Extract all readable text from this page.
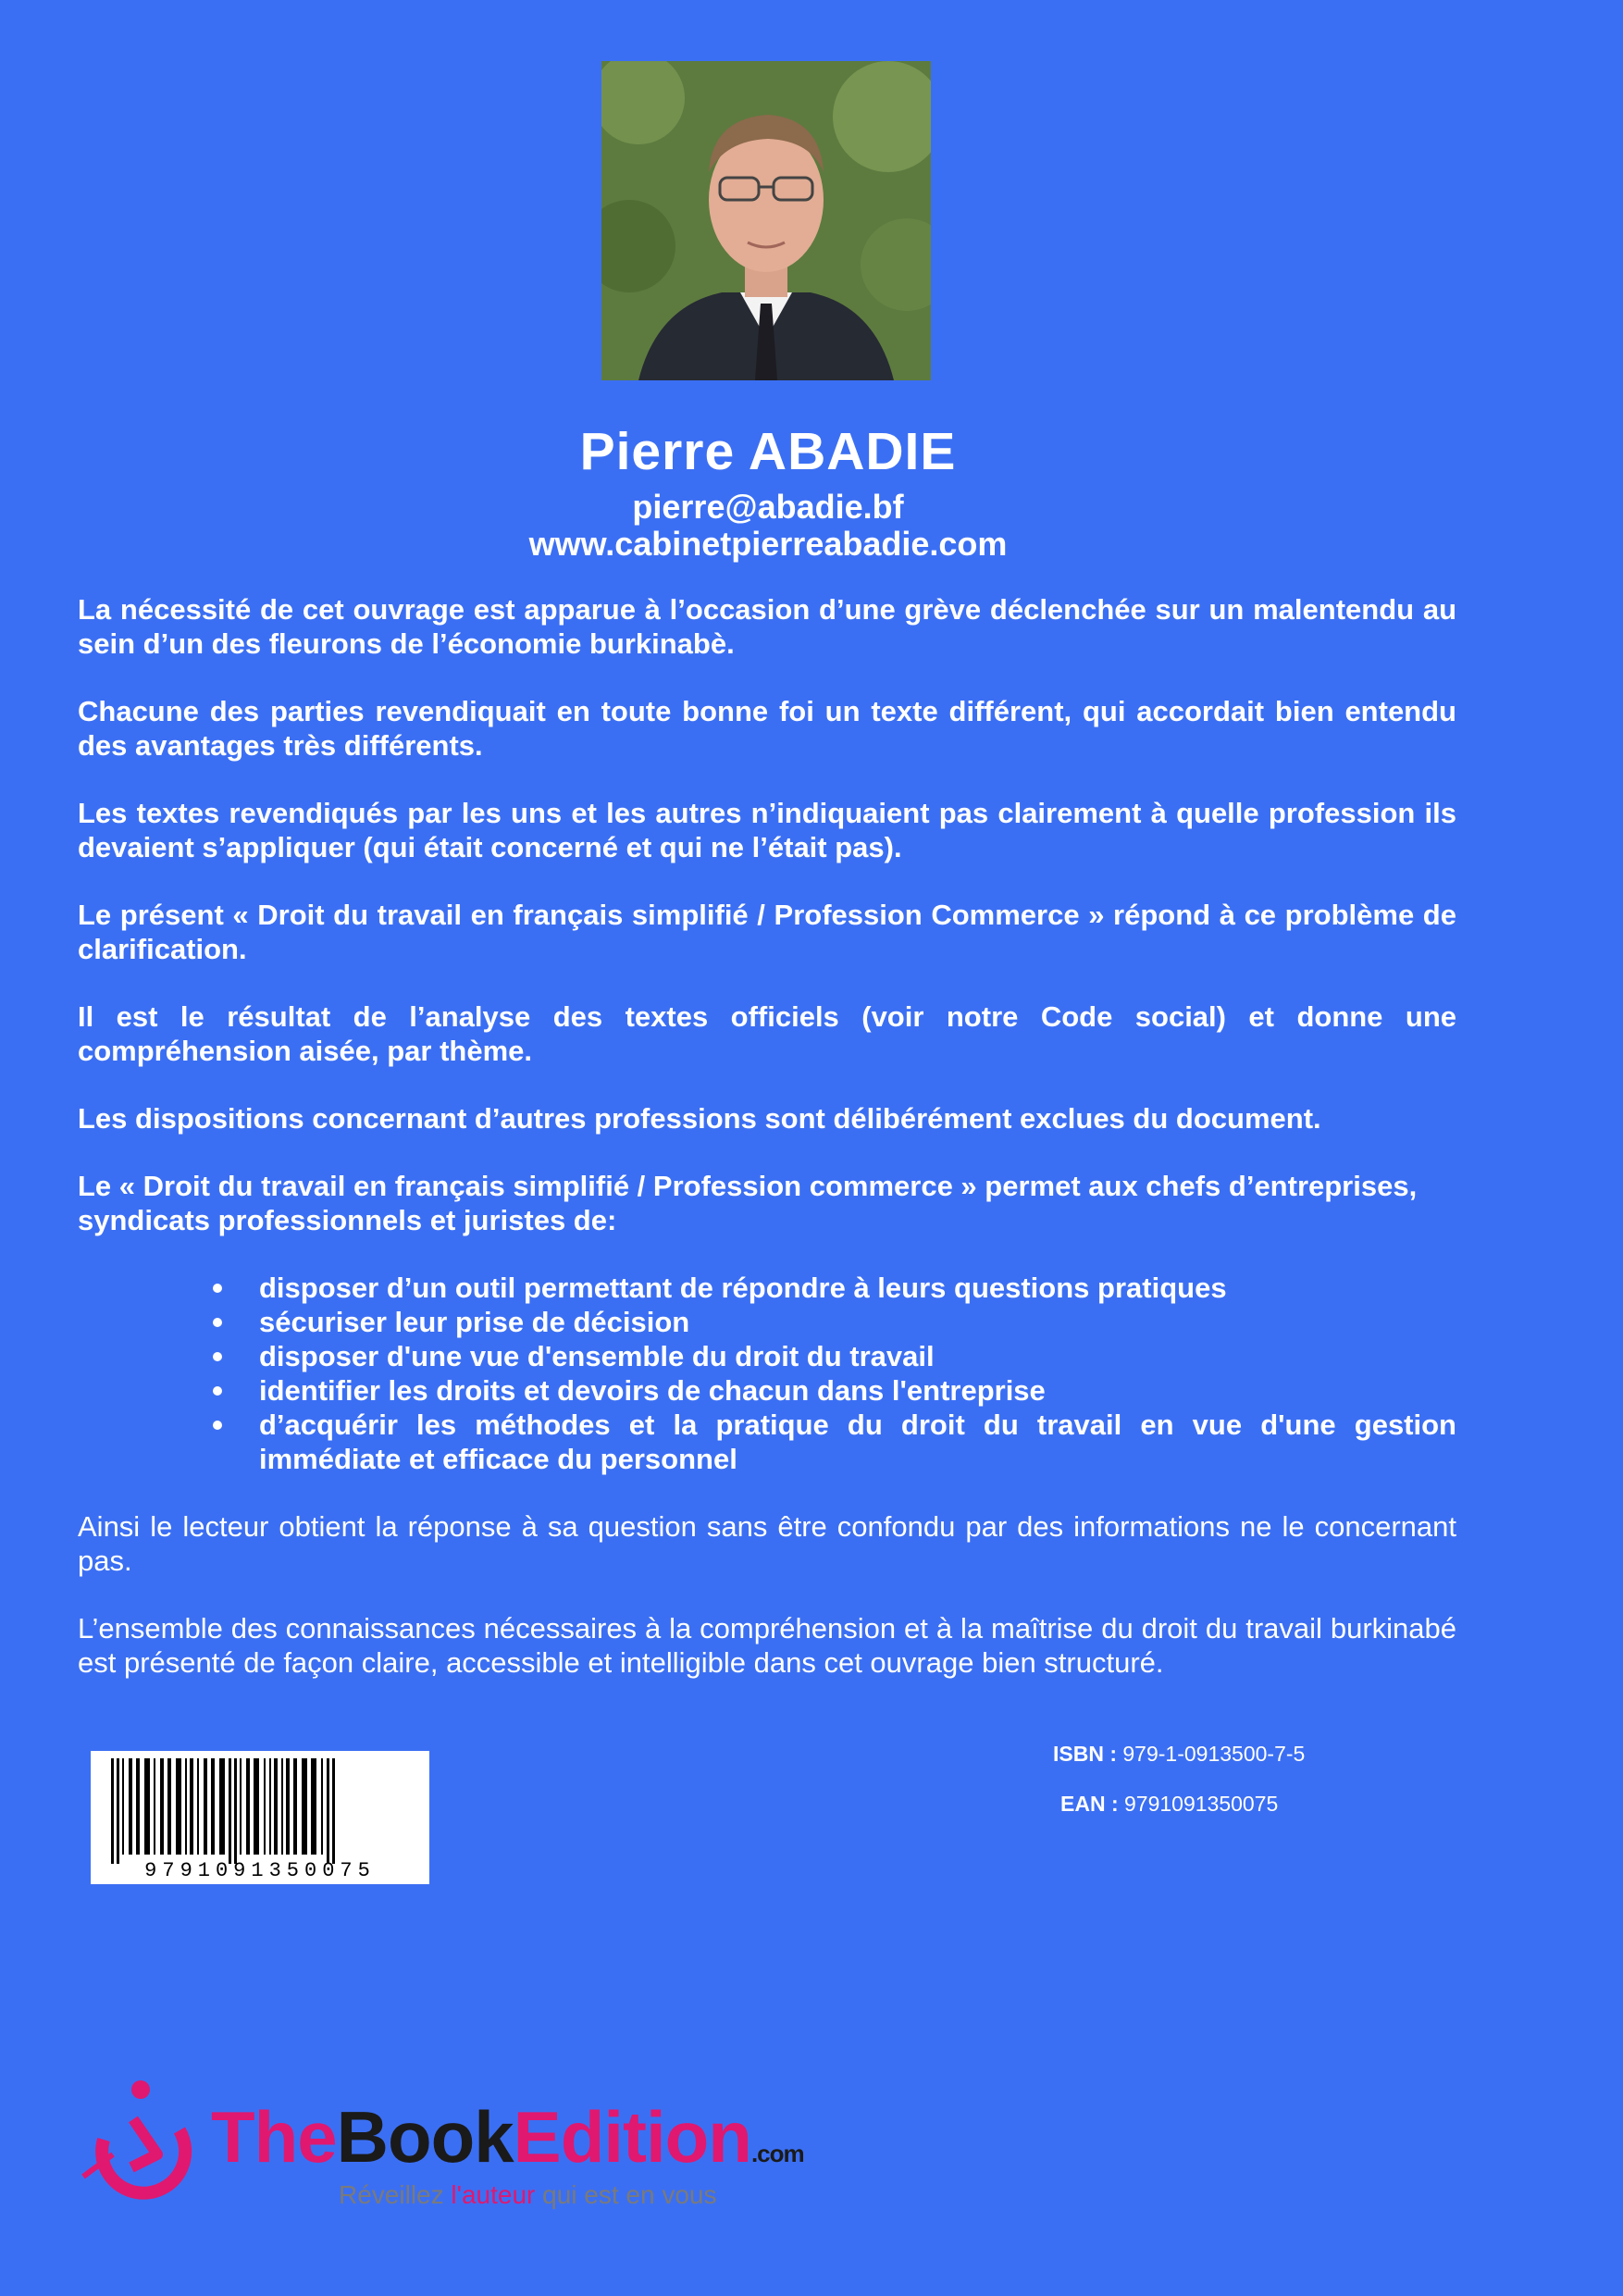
Pierre ABADIE
pierre@abadie.bf
www.cabinetpierreabadie.com

La nécessité de cet ouvrage est apparue à l’occasion d’une grève déclenchée sur un malentendu au sein d’un des fleurons de l’économie burkinabè.

Chacune des parties revendiquait en toute bonne foi un texte différent, qui accordait bien entendu des avantages très différents.

Les textes revendiqués par les uns et les autres n’indiquaient pas clairement à quelle profession ils devaient s’appliquer (qui était concerné et qui ne l’était pas).

Le présent « Droit du travail en français simplifié / Profession Commerce » répond à ce problème de clarification.

Il est le résultat de l’analyse des textes officiels (voir notre Code social) et donne une compréhension aisée, par thème.

Les dispositions concernant d’autres professions sont délibérément exclues du document.

Le « Droit du travail en français simplifié / Profession commerce » permet aux chefs d’entreprises, syndicats professionnels et juristes de:

disposer d’un outil permettant de répondre à leurs questions pratiques
sécuriser leur prise de décision
disposer d'une vue d'ensemble du droit du travail
identifier les droits et devoirs de chacun dans l'entreprise
d’acquérir les méthodes et la pratique du droit du travail en vue d'une gestion immédiate et efficace du personnel

Ainsi le lecteur obtient la réponse à sa question sans être confondu par des informations ne le concernant pas.

L’ensemble des connaissances nécessaires à la compréhension et à la maîtrise du droit du travail burkinabé est présenté de façon claire, accessible et intelligible dans cet ouvrage bien structuré.

9791091350075
ISBN : 979-1-0913500-7-5
EAN : 9791091350075
TheBookEdition.com
Réveillez l'auteur qui est en vous
